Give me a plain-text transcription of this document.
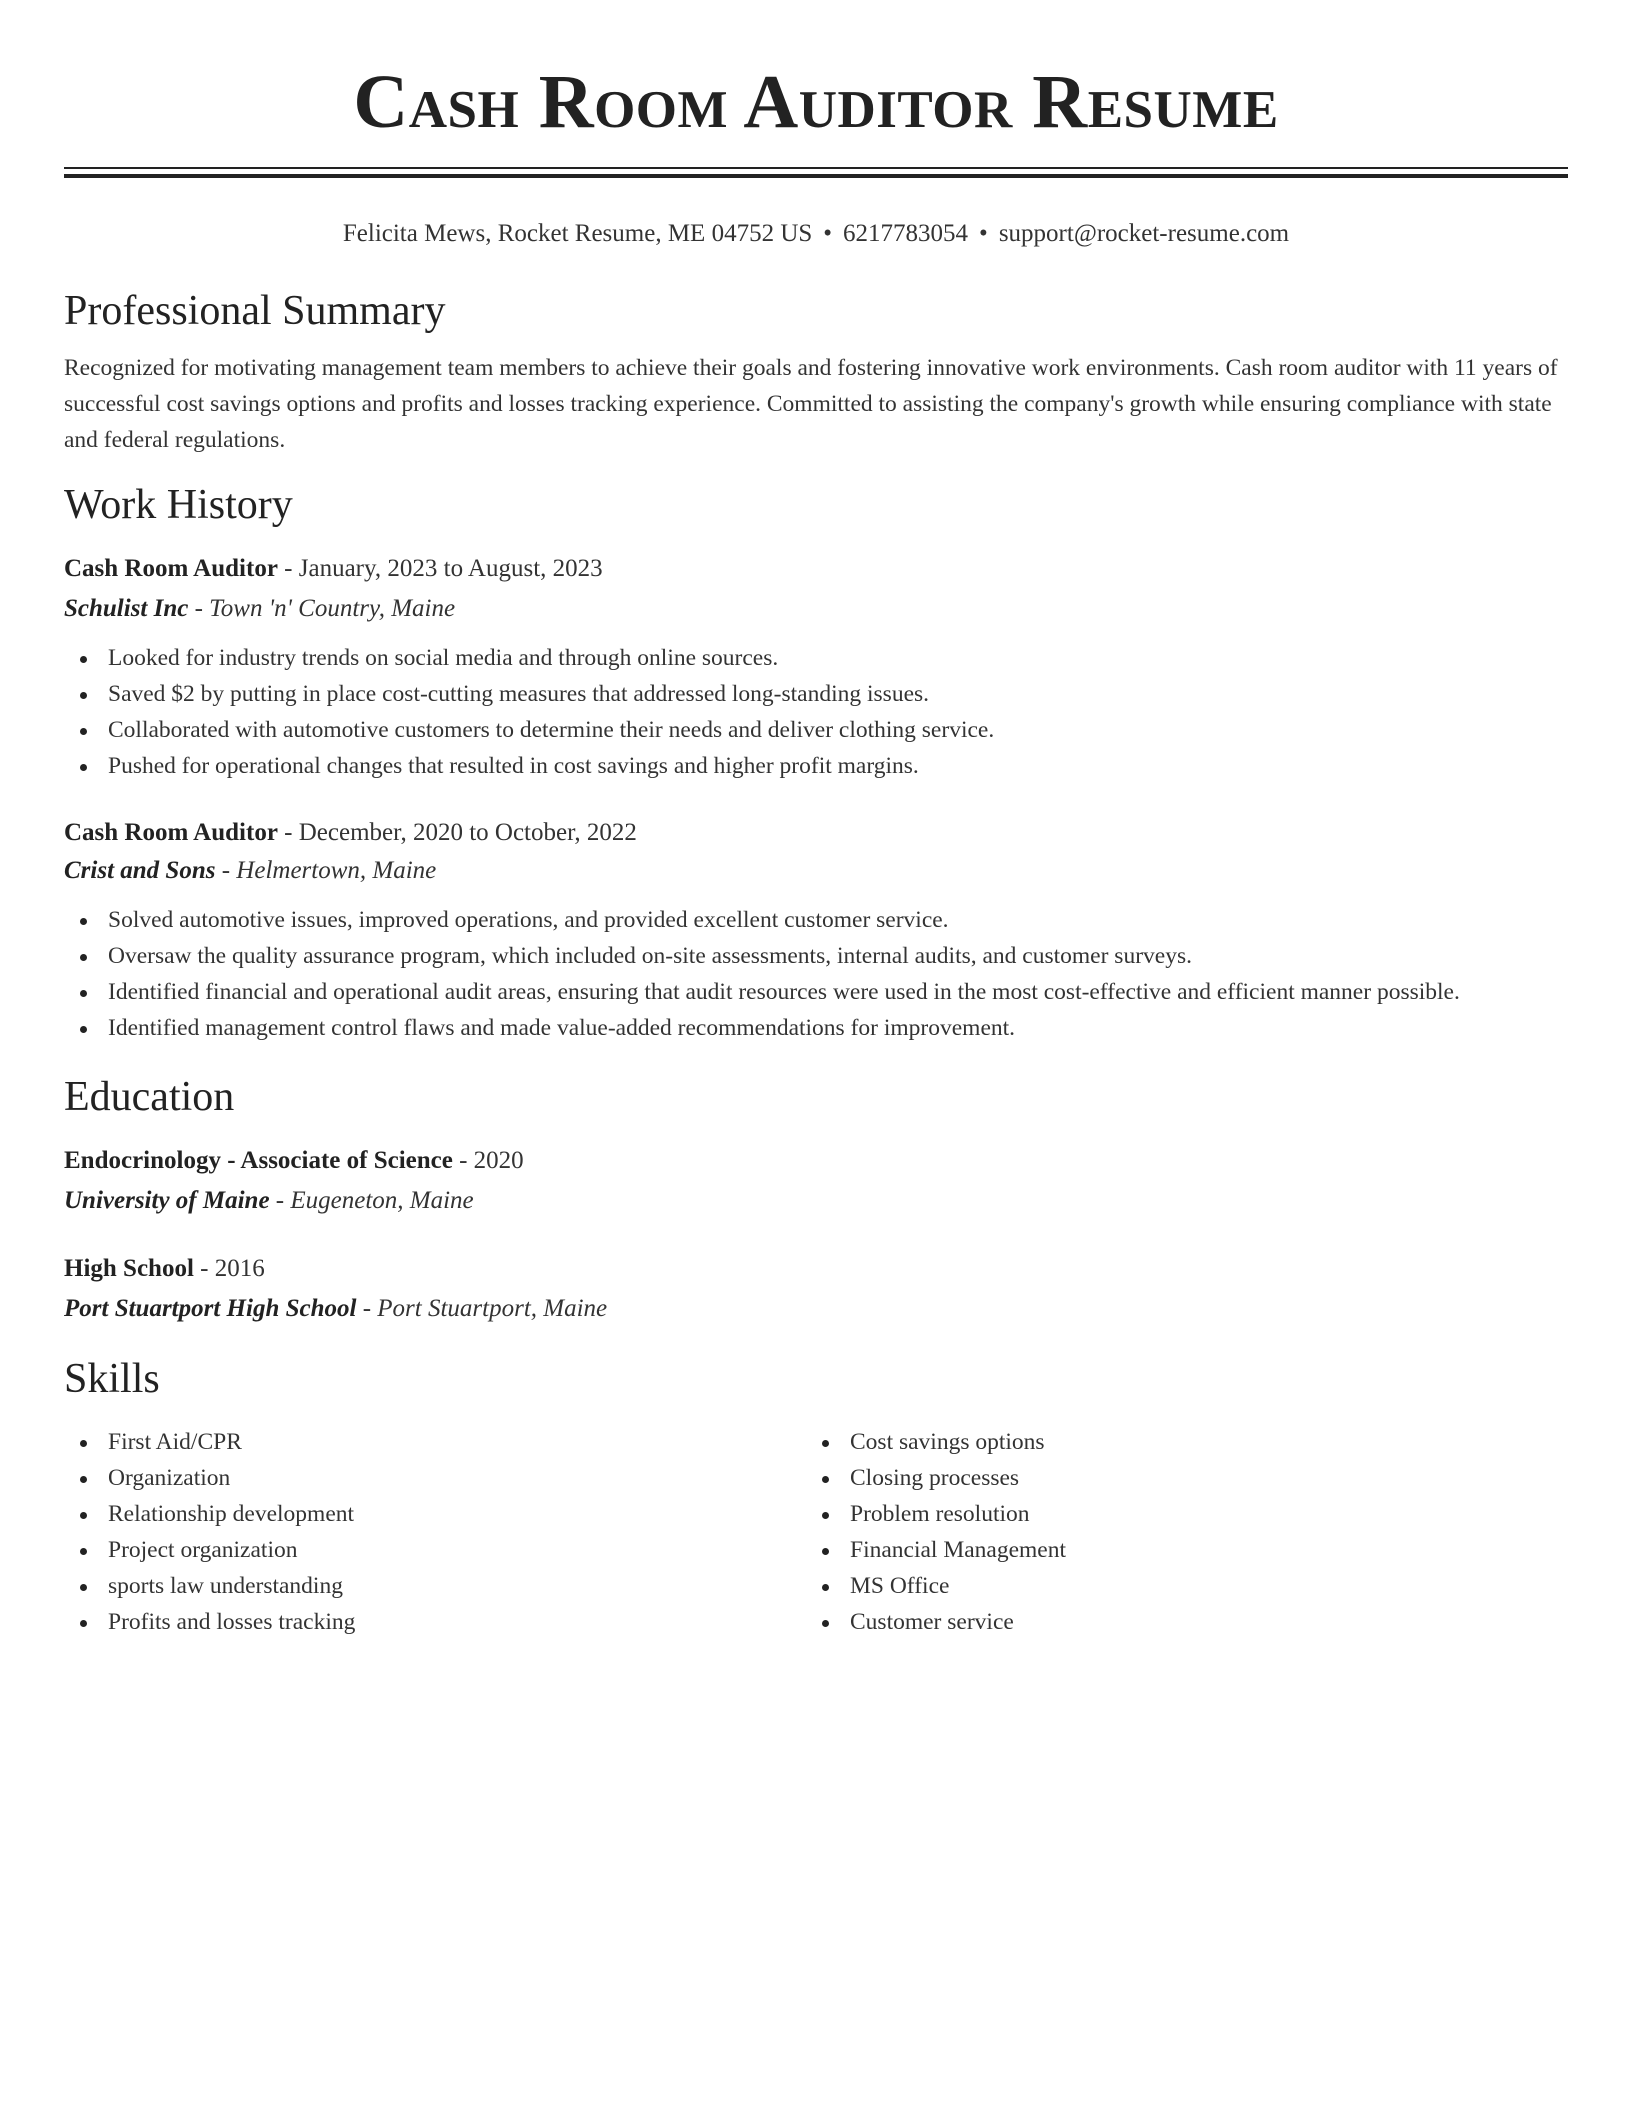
Cash Room Auditor Resume
Felicita Mews, Rocket Resume, ME 04752 US • 6217783054 • support@rocket-resume.com
Professional Summary

Recognized for motivating management team members to achieve their goals and fostering innovative work environments. Cash room auditor with 11 years of successful cost savings options and profits and losses tracking experience. Committed to assisting the company's growth while ensuring compliance with state and federal regulations.

Work History
Cash Room Auditor - January, 2023 to August, 2023
Schulist Inc - Town 'n' Country, Maine
Looked for industry trends on social media and through online sources.
Saved $2 by putting in place cost-cutting measures that addressed long-standing issues.
Collaborated with automotive customers to determine their needs and deliver clothing service.
Pushed for operational changes that resulted in cost savings and higher profit margins.
Cash Room Auditor - December, 2020 to October, 2022
Crist and Sons - Helmertown, Maine
Solved automotive issues, improved operations, and provided excellent customer service.
Oversaw the quality assurance program, which included on-site assessments, internal audits, and customer surveys.
Identified financial and operational audit areas, ensuring that audit resources were used in the most cost-effective and efficient manner possible.
Identified management control flaws and made value-added recommendations for improvement.
Education
Endocrinology - Associate of Science - 2020
University of Maine - Eugeneton, Maine
High School - 2016
Port Stuartport High School - Port Stuartport, Maine
Skills
First Aid/CPR
Organization
Relationship development
Project organization
sports law understanding
Profits and losses tracking
Cost savings options
Closing processes
Problem resolution
Financial Management
MS Office
Customer service
